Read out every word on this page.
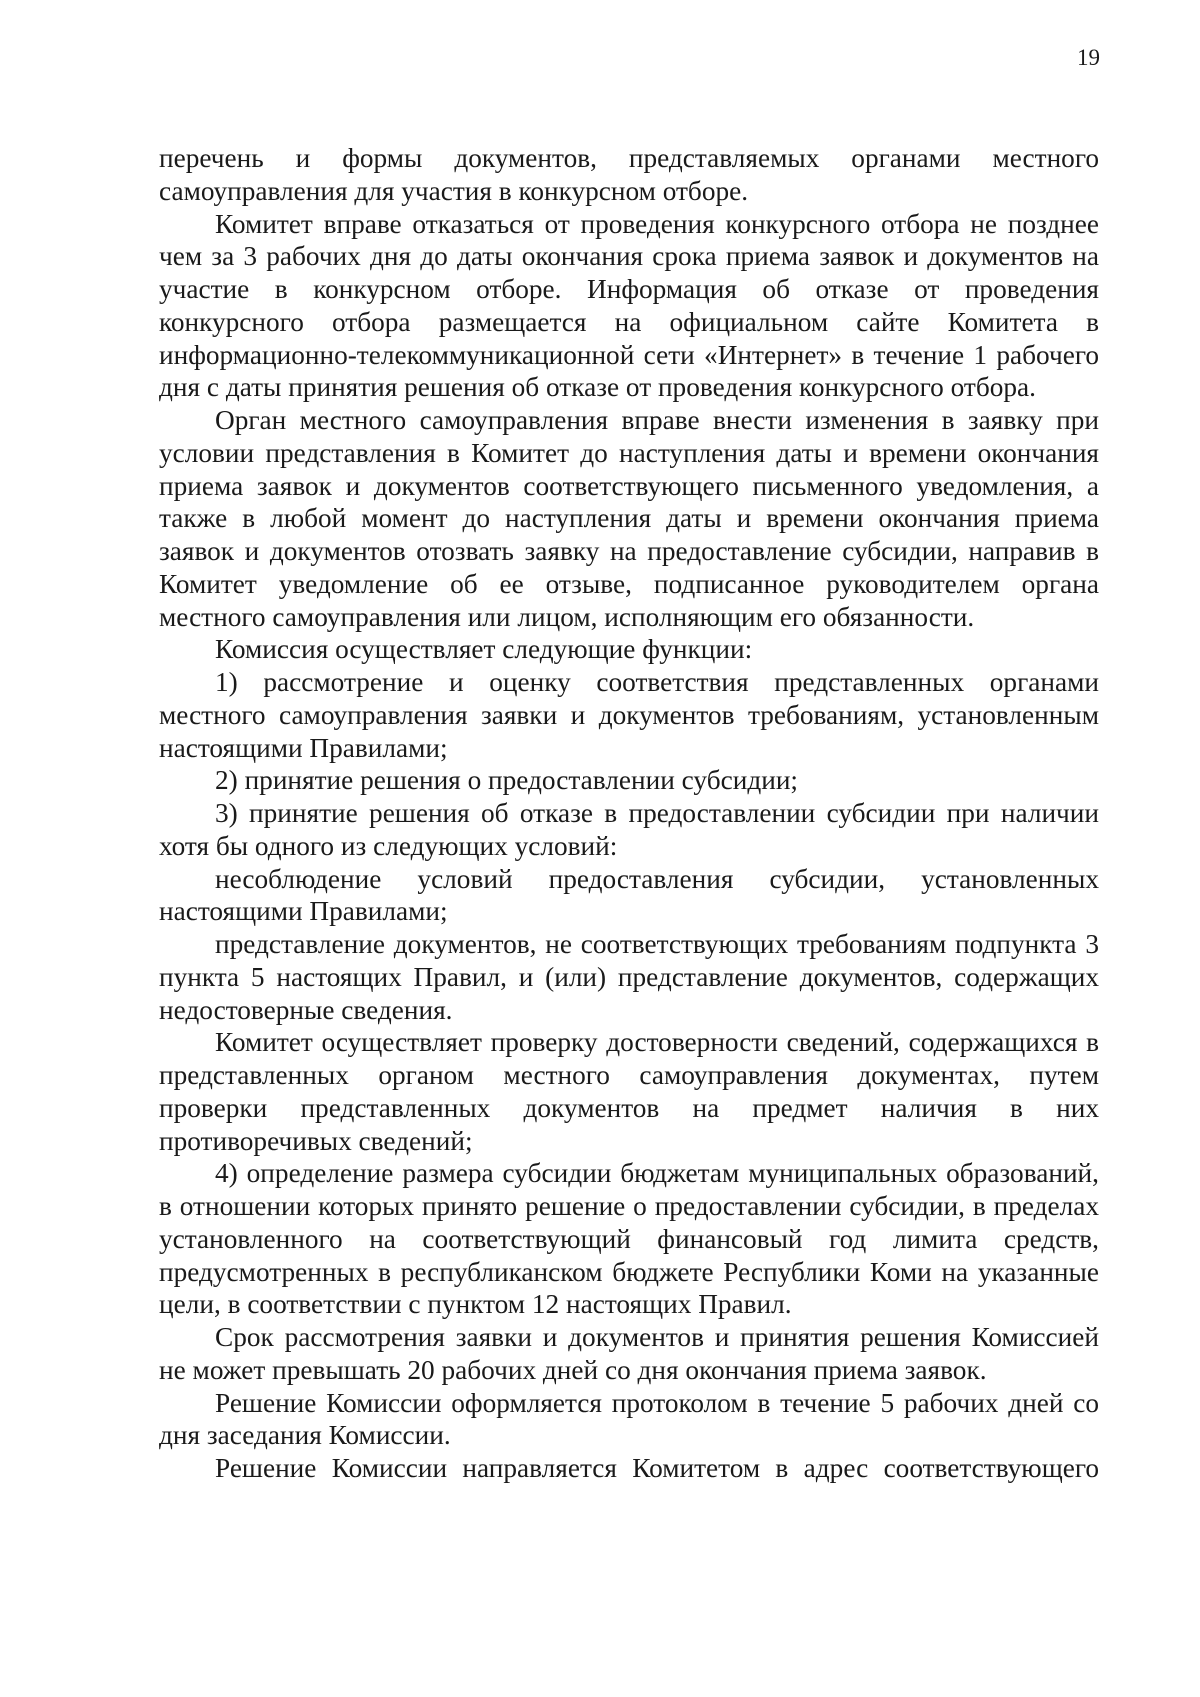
19

перечень и формы документов, представляемых органами местного самоуправления для участия в конкурсном отборе.

Комитет вправе отказаться от проведения конкурсного отбора не позднее чем за 3 рабочих дня до даты окончания срока приема заявок и документов на участие в конкурсном отборе. Информация об отказе от проведения конкурсного отбора размещается на официальном сайте Комитета в информационно-телекоммуникационной сети «Интернет» в течение 1 рабочего дня с даты принятия решения об отказе от проведения конкурсного отбора.

Орган местного самоуправления вправе внести изменения в заявку при условии представления в Комитет до наступления даты и времени окончания приема заявок и документов соответствующего письменного уведомления, а также в любой момент до наступления даты и времени окончания приема заявок и документов отозвать заявку на предоставление субсидии, направив в Комитет уведомление об ее отзыве, подписанное руководителем органа местного самоуправления или лицом, исполняющим его обязанности.

Комиссия осуществляет следующие функции:

1) рассмотрение и оценку соответствия представленных органами местного самоуправления заявки и документов требованиям, установленным настоящими Правилами;

2) принятие решения о предоставлении субсидии;

3) принятие решения об отказе в предоставлении субсидии при наличии хотя бы одного из следующих условий:

несоблюдение условий предоставления субсидии, установленных настоящими Правилами;

представление документов, не соответствующих требованиям подпункта 3 пункта 5 настоящих Правил, и (или) представление документов, содержащих недостоверные сведения.

Комитет осуществляет проверку достоверности сведений, содержащихся в представленных органом местного самоуправления документах, путем проверки представленных документов на предмет наличия в них противоречивых сведений;

4) определение размера субсидии бюджетам муниципальных образований, в отношении которых принято решение о предоставлении субсидии, в пределах установленного на соответствующий финансовый год лимита средств, предусмотренных в республиканском бюджете Республики Коми на указанные цели, в соответствии с пунктом 12 настоящих Правил.

Срок рассмотрения заявки и документов и принятия решения Комиссией не может превышать 20 рабочих дней со дня окончания приема заявок.

Решение Комиссии оформляется протоколом в течение 5 рабочих дней со дня заседания Комиссии.

Решение Комиссии направляется Комитетом в адрес соответствующего
